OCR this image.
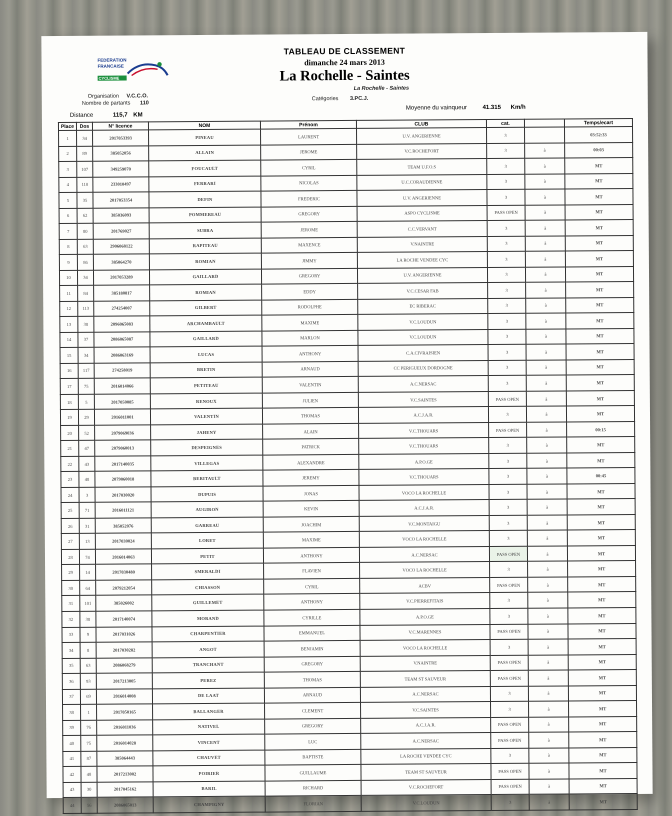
FEDERATION
FRANCAISE
CYCLISME
TABLEAU DE CLASSEMENT
dimanche 24 mars 2013
La Rochelle - Saintes
Organisation V.C.C.O.
Nombre de partants 110
La Rochelle - Saintes
Catégories 3.PC.J.
Distance	115,7 KM
Moyenne du vainqueur	41.315 Km/h
Place	Dos	N° licence	NOM	Prénom	CLUB	cat.		Temps/ecart
1	34	2017053393	PINEAU	LAURENT	U.V. ANGERIENNE	3		03:52:33
2	89	385052056	ALLAIN	JEROME	V.C.ROCHEFORT	3	à	00:03
3	107	349259070	FOUCAULT	CYRIL	TEAM U.F.O.S	3	à	MT
4	110	233010497	FERRARI	NICOLAS	U.C.CORAUDIENNE	3	à	MT
5	35	2017053354	DEFIN	FREDERIC	U.V. ANGERIENNE	3	à	MT
6	62	385036093	POMMEREAU	GREGORY	ASPO CYCLISME	PASS OPEN	à	MT
7	80	201769027	SUBRA	JEROME	C.C.VERVANT	3	à	MT
8	63	2906068122	RAPITEAU	MAXENCE	V.NAINTRE	3	à	MT
9	86	385064270	ROMIAN	JIMMY	LA ROCHE VENDEE CYC	3	à	MT
10	34	2017053289	GAILLARD	GREGORY	U.V. ANGERIENNE	3	à	MT
11	84	385180817	ROMIAN	EDDY	V.C.CESAR FAB	3	à	MT
12	113	274254007	GILBERT	RODOLPHE	EC RIBERAC	3	à	MT
13	38	2096065083	ARCHAMBAULT	MAXIME	V.C.LOUDUN	3	à	MT
14	37	2086065087	GAILLARD	MARLON	V.C.LOUDUN	3	à	MT
15	34	2086063169	LUCAS	ANTHONY	C.A.CIVRAISIEN	3	à	MT
16	117	274258019	BRETIN	ARNAUD	CC PERIGUEUX DORDOGNE	3	à	MT
17	75	2016014066	PETITEAU	VALENTIN	A.C.NERSAC	3	à	MT
18	5	2017050085	RENOUX	JULIEN	V.C.SAINTES	PASS OPEN	à	MT
19	29	2016011001	VALENTIN	THOMAS	A.C.J.A.R.	3	à	MT
20	52	2079069036	JAHENY	ALAIN	V.C.THOUARS	PASS OPEN	à	00:15
21	47	2079060013	DESPEIGNES	PATRICK	V.C.THOUARS	3	à	MT
22	43	2017140035	VILLEGAS	ALEXANDRE	A.P.O.GE	3	à	MT
23	48	2079060018	BERITAULT	JEREMY	V.C.THOUARS	3	à	00:45
24	3	2017030020	DUPUIS	JONAS	VOCO LA ROCHELLE	3	à	MT
25	71	2016011121	AUGIRON	KEVIN	A.C.J.A.R.	3	à	MT
26	31	385052076	GARREAU	JOACHIM	V.C.MONTAIGU	3	à	MT
27	13	2017030024	LORET	MAXIME	VOCO LA ROCHELLE	3	à	MT
28	74	2016014063	PETIT	ANTHONY	A.C.NERSAC	PASS OPEN	à	MT
29	14	2017030480	SMERALDI	FLAVIEN	VOCO LA ROCHELLE	3	à	MT
30	64	2079212054	CHIASSON	CYRIL	ACBV	PASS OPEN	à	MT
31	101	385026002	GUILLEMET	ANTHONY	V.C.PIERREFITAIS	3	à	MT
32	38	2017140074	MORAND	CYRILLE	A.P.O.GE	3	à	MT
33	9	2017031026	CHARPENTIER	EMMANUEL	V.C.MARENNES	PASS OPEN	à	MT
34	8	2017030282	ANGOT	BENJAMIN	VOCO LA ROCHELLE	3	à	MT
35	63	2086068279	TRANCHANT	GREGORY	V.NAINTRE	PASS OPEN	à	MT
36	93	2017213005	PEREZ	THOMAS	TEAM ST SAUVEUR	PASS OPEN	à	MT
37	69	2016014008	DE LAAT	ARNAUD	A.C.NERSAC	3	à	MT
38	1	2017050165	BALLANGER	CLEMENT	V.C.SAINTES	3	à	MT
39	76	2016011036	NATIVEL	GREGORY	A.C.J.A.R.	PASS OPEN	à	MT
40	75	2016014028	VINCENT	LUC	A.C.NERSAC	PASS OPEN	à	MT
41	87	385064443	CHAUVET	BAPTISTE	LA ROCHE VENDEE CYC	3	à	MT
42	48	2017213002	POIRIER	GUILLAUME	TEAM ST SAUVEUR	PASS OPEN	à	MT
43	30	2017045162	BARIL	RICHARD	V.C.ROCHEFORT	PASS OPEN	à	MT
44	56	2086065013	CHAMPIGNY	FLORIAN	V.C.LOUDUN	3	à	MT
